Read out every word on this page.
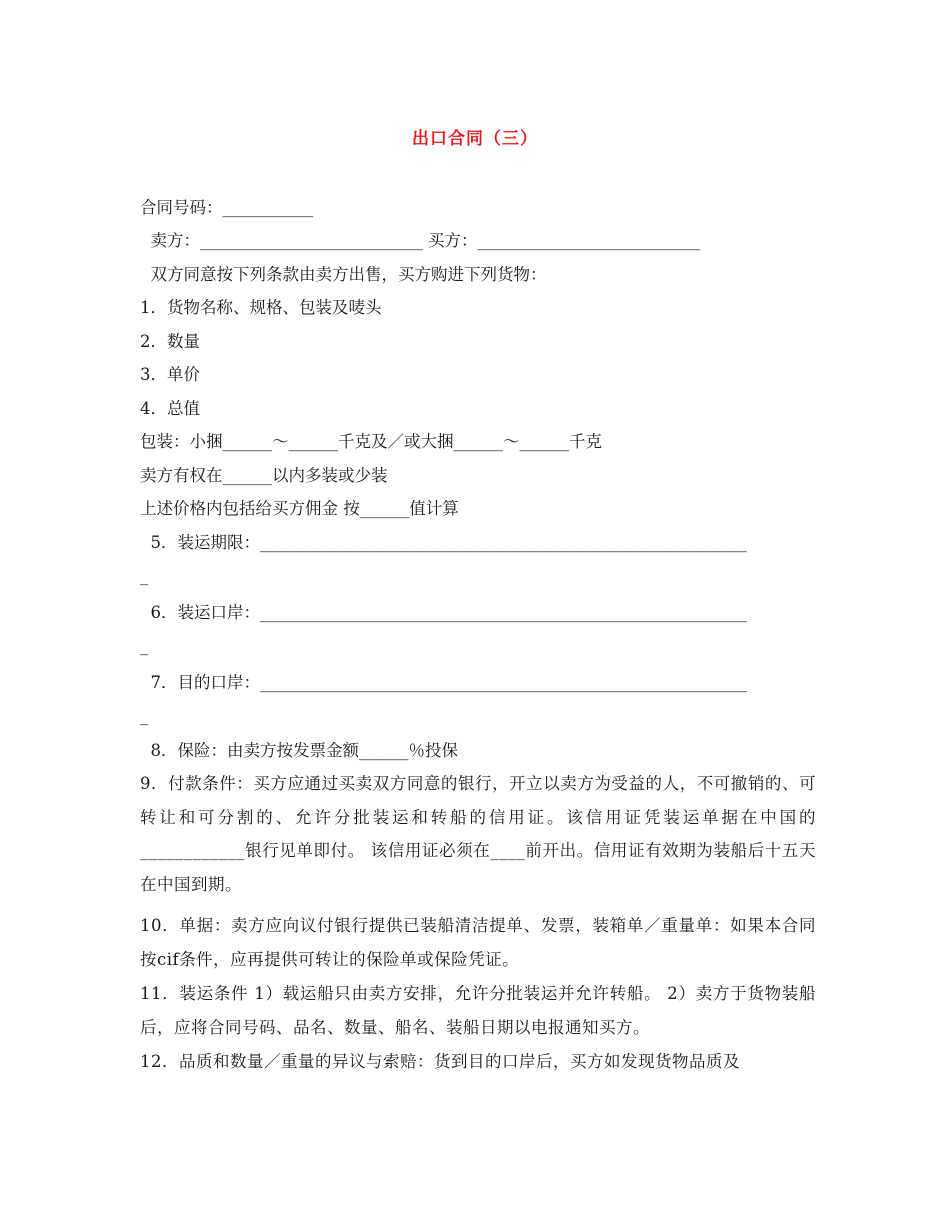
出口合同（三）
合同号码：___________
卖方：___________________________ 买方：___________________________
双方同意按下列条款由卖方出售，买方购进下列货物：
1．货物名称、规格、包装及唛头
2．数量
3．单价
4．总值
包装：小捆______～______千克及／或大捆______～______千克
卖方有权在______以内多装或少装
上述价格内包括给买方佣金 按______值计算
5．装运期限：___________________________________________________________
_
6．装运口岸：___________________________________________________________
_
7．目的口岸：___________________________________________________________
_
8．保险：由卖方按发票金额______％投保
9．付款条件：买方应通过买卖双方同意的银行，开立以卖方为受益的人，不可撤销的、可转让和可分割的、允许分批装运和转船的信用证。该信用证凭装运单据在中国的____________银行见单即付。 该信用证必须在____前开出。信用证有效期为装船后十五天在中国到期。
10．单据：卖方应向议付银行提供已装船清洁提单、发票，装箱单／重量单：如果本合同按cif条件，应再提供可转让的保险单或保险凭证。
11．装运条件 1）载运船只由卖方安排，允许分批装运并允许转船。 2）卖方于货物装船后，应将合同号码、品名、数量、船名、装船日期以电报通知买方。
12．品质和数量／重量的异议与索赔：货到目的口岸后，买方如发现货物品质及
